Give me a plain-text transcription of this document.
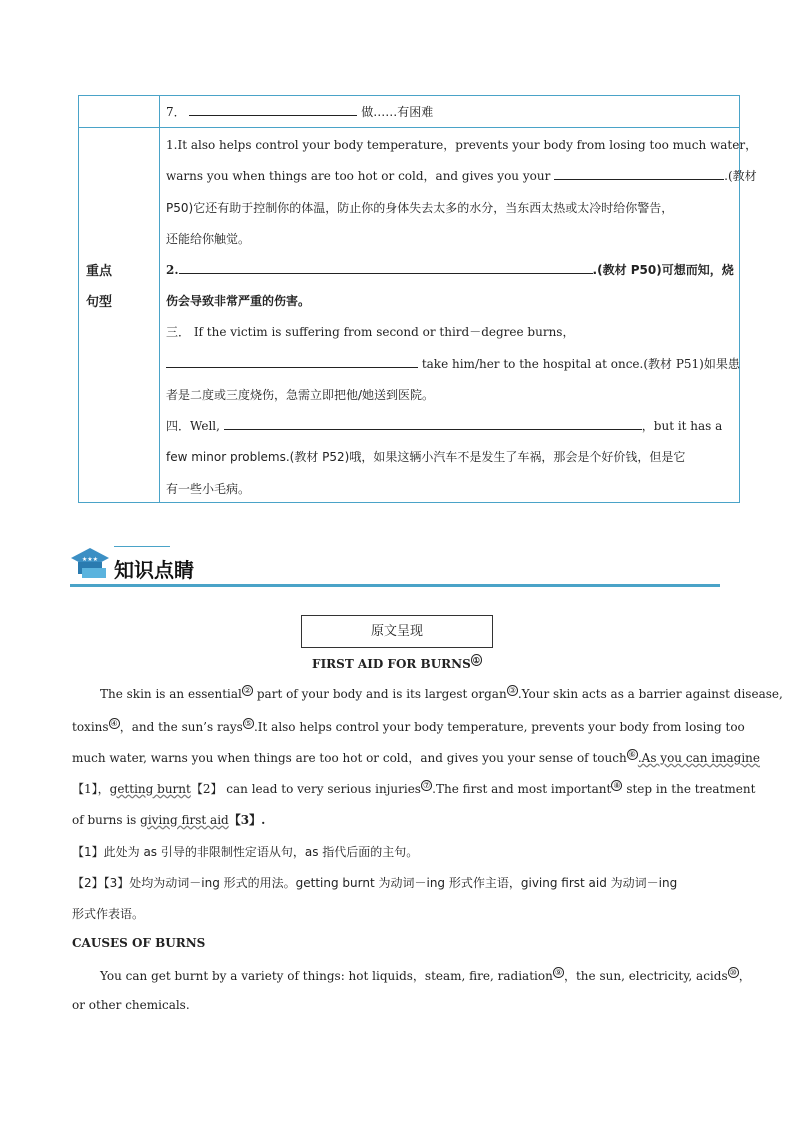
7．	做……有困难
重点
句型
1.It also helps control your body temperature，prevents your body from losing too much water，
warns you when things are too hot or cold，and gives you your	.(教材
P50)它还有助于控制你的体温，防止你的身体失去太多的水分，当东西太热或太冷时给你警告，
还能给你触觉。
2.	.(教材 P50)可想而知，烧
伤会导致非常严重的伤害。
三． If the victim is suffering from second or third－degree burns，
take him/her to the hospital at once.(教材 P51)如果患
者是二度或三度烧伤，急需立即把他/她送到医院。
四．Well,	，but it has a
few minor problems.(教材 P52)哦，如果这辆小汽车不是发生了车祸，那会是个好价钱，但是它
有一些小毛病。
★★★ 知识点睛
原文呈现
FIRST AID FOR BURNS ①
The skin is an essential ② part of your body and is its largest organ ③ .Your skin acts as a barrier against disease,
toxins ④ ，and the sun’s rays ⑤ .It also helps control your body temperature, prevents your body from losing too
much water, warns you when things are too hot or cold，and gives you your sense of touch ⑥ .As you can imagine
【1】，getting burnt【2】 can lead to very serious injuries ⑦ .The first and most important ⑧ step in the treatment
of burns is giving first aid【3】.
【1】此处为 as 引导的非限制性定语从句，as 指代后面的主句。
【2】【3】处均为动词－ing 形式的用法。getting burnt 为动词－ing 形式作主语，giving first aid 为动词－ing
形式作表语。
CAUSES OF BURNS
You can get burnt by a variety of things: hot liquids，steam, fire, radiation ⑨ ，the sun, electricity, acids ⑩ ，
or other chemicals.
